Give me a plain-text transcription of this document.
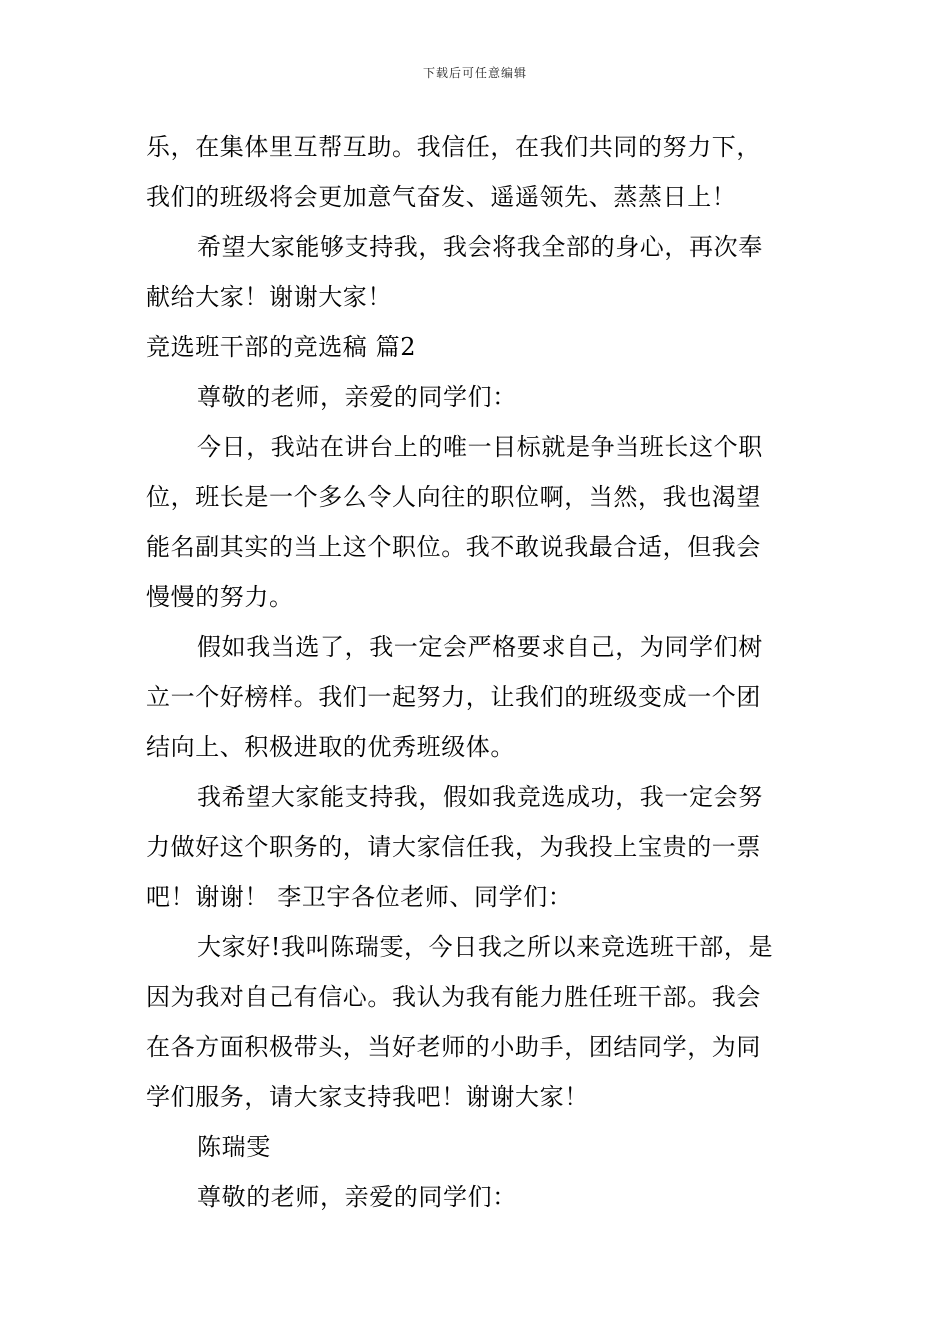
下载后可任意编辑
乐，在集体里互帮互助。我信任，在我们共同的努力下，
我们的班级将会更加意气奋发、遥遥领先、蒸蒸日上！
希望大家能够支持我，我会将我全部的身心，再次奉
献给大家！谢谢大家！
竞选班干部的竞选稿 篇2
尊敬的老师，亲爱的同学们：
今日，我站在讲台上的唯一目标就是争当班长这个职
位，班长是一个多么令人向往的职位啊，当然，我也渴望
能名副其实的当上这个职位。我不敢说我最合适，但我会
慢慢的努力。
假如我当选了，我一定会严格要求自己，为同学们树
立一个好榜样。我们一起努力，让我们的班级变成一个团
结向上、积极进取的优秀班级体。
我希望大家能支持我，假如我竞选成功，我一定会努
力做好这个职务的，请大家信任我，为我投上宝贵的一票
吧！谢谢！ 李卫宇各位老师、同学们：
大家好!我叫陈瑞雯，今日我之所以来竞选班干部，是
因为我对自己有信心。我认为我有能力胜任班干部。我会
在各方面积极带头，当好老师的小助手，团结同学，为同
学们服务，请大家支持我吧！谢谢大家！
陈瑞雯
尊敬的老师，亲爱的同学们：
